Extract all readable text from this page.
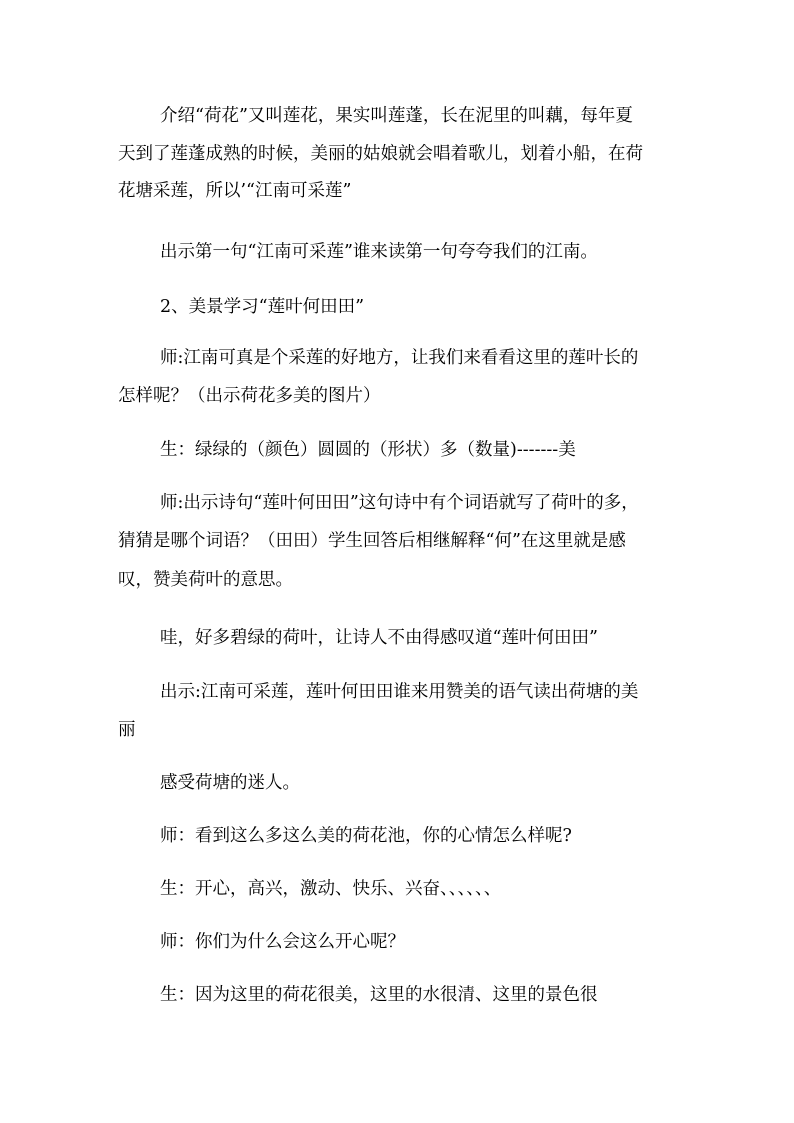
介绍“荷花”又叫莲花，果实叫莲蓬，长在泥里的叫藕，每年夏

天到了莲蓬成熟的时候，美丽的姑娘就会唱着歌儿，划着小船，在荷

花塘采莲，所以’“江南可采莲”

出示第一句“江南可采莲”谁来读第一句夸夸我们的江南。

2、美景学习“莲叶何田田”

师:江南可真是个采莲的好地方，让我们来看看这里的莲叶长的

怎样呢？（出示荷花多美的图片）

生：绿绿的（颜色）圆圆的（形状）多（数量)-------美

师:出示诗句“莲叶何田田”这句诗中有个词语就写了荷叶的多，

猜猜是哪个词语？（田田）学生回答后相继解释“何”在这里就是感

叹，赞美荷叶的意思。

哇，好多碧绿的荷叶，让诗人不由得感叹道“莲叶何田田”

出示:江南可采莲，莲叶何田田谁来用赞美的语气读出荷塘的美

丽

感受荷塘的迷人。

师：看到这么多这么美的荷花池，你的心情怎么样呢?

生：开心，高兴，激动、快乐、兴奋、、、、、、

师：你们为什么会这么开心呢？

生：因为这里的荷花很美，这里的水很清、这里的景色很
